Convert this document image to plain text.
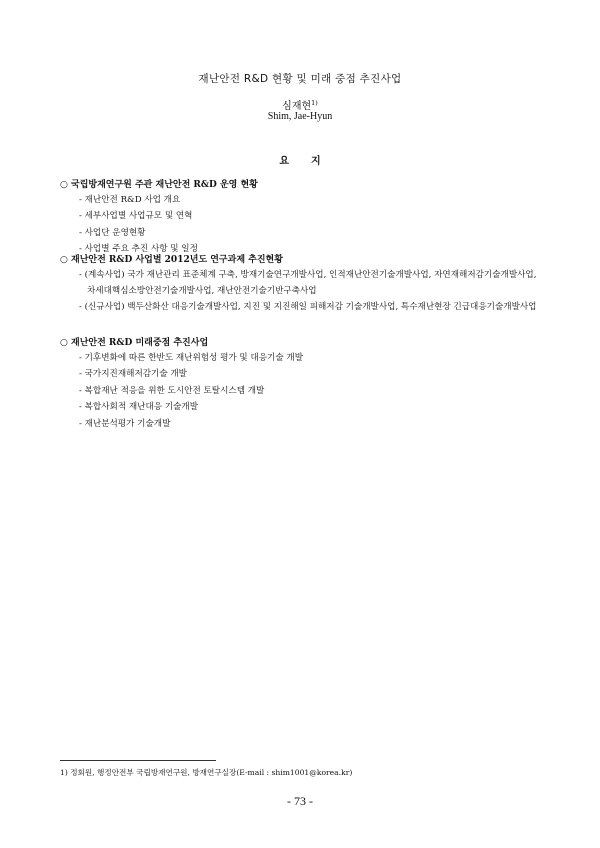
재난안전 R&D 현황 및 미래 중점 추진사업
심재현$^{1)}$
Shim, Jae-Hyun
요지

○ 국립방재연구원 주관 재난안전 R&D 운영 현황

- 재난안전 R&D 사업 개요
- 세부사업별 사업규모 및 연혁
- 사업단 운영현황
- 사업별 주요 추진 사항 및 일정

○ 재난안전 R&D 사업별 2012년도 연구과제 추진현황

- (계속사업) 국가 재난관리 표준체계 구축, 방재기술연구개발사업, 인적재난안전기술개발사업, 자연재해저감기술개발사업, 차세대핵심소방안전기술개발사업, 재난안전기술기반구축사업
- (신규사업) 백두산화산 대응기술개발사업, 지진 및 지진해일 피해저감 기술개발사업, 특수재난현장 긴급대응기술개발사업

○ 재난안전 R&D 미래중점 추진사업

- 기후변화에 따른 한반도 재난위험성 평가 및 대응기술 개발
- 국가지진재해저감기술 개발
- 복합재난 적응을 위한 도시안전 토탈시스템 개발
- 복합사회적 재난대응 기술개발
- 재난분석평가 기술개발
1) 정회원, 행정안전부 국립방재연구원, 방재연구실장(E-mail : shim1001@korea.kr)
- 73 -
